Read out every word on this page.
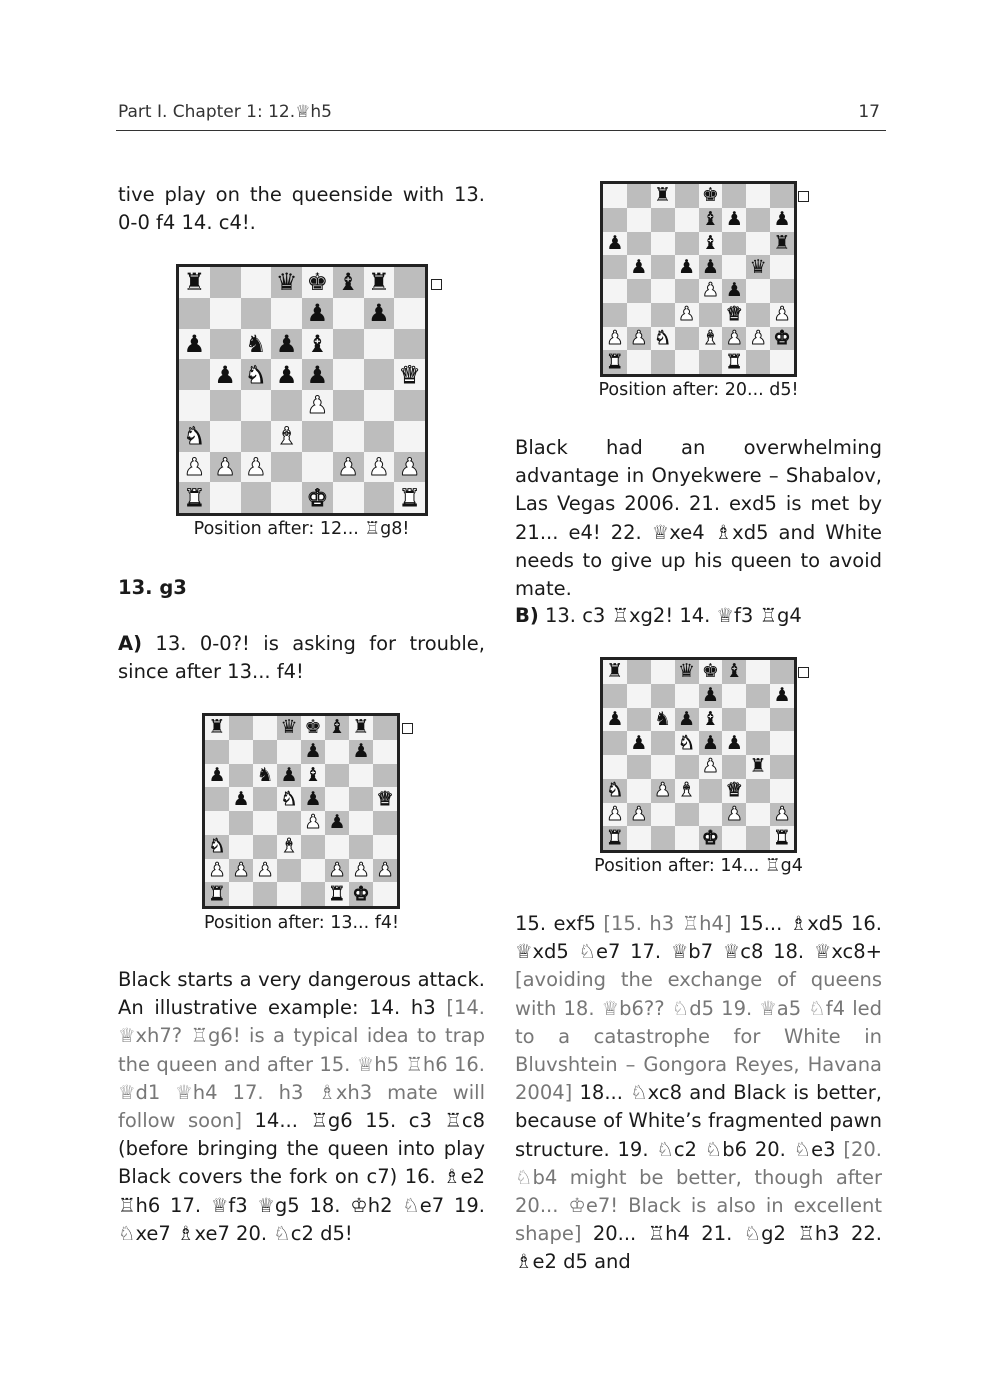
Part I. Chapter 1: 12.♕h5	17
tive play on the queenside with 13. 0-0 f4 14. c4!.
♜	♛ ♚ ♝ ♜
♟ ♟
♟ ♞ ♟ ♝
♟ ♞ ♟ ♟	♛
♟
♞	♝
♟ ♟ ♟	♟ ♟ ♟
♜	♚	♜
Position after: 12... ♖g8!
13. g3
A) 13. 0-0?! is asking for trouble, since after 13... f4!
♜	♛ ♚ ♝ ♜
♟ ♟
♟ ♞ ♟ ♝
♟ ♞ ♟	♛
♟ ♟
♞	♝
♟ ♟ ♟	♟ ♟ ♟
♜	♜ ♚
Position after: 13... f4!
Black starts a very dangerous attack. An illustrative example: 14. h3 [14. ♕xh7? ♖g6! is a typical idea to trap the queen and after 15. ♕h5 ♖h6 16. ♕d1 ♕h4 17. h3 ♗xh3 mate will follow soon] 14... ♖g6 15. c3 ♖c8 (before bringing the queen into play Black covers the fork on c7) 16. ♗e2 ♖h6 17. ♕f3 ♕g5 18. ♔h2 ♘e7 19. ♘xe7 ♗xe7 20. ♘c2 d5!
♜ ♚
♝ ♟ ♟
♟	♝	♜
♟ ♟ ♟ ♛
♟ ♟
♟ ♛ ♟
♟ ♟ ♞ ♝ ♟ ♟ ♚
♜	♜
Position after: 20... d5!
Black had an overwhelming advantage in Onyekwere – Shabalov, Las Vegas 2006. 21. exd5 is met by 21... e4! 22. ♕xe4 ♗xd5 and White needs to give up his queen to avoid mate.
B) 13. c3 ♖xg2! 14. ♕f3 ♖g4
♜	♛ ♚ ♝
♟	♟
♟ ♞ ♟ ♝
♟ ♞ ♟ ♟
♟ ♜
♞ ♟ ♝ ♛
♟ ♟	♟ ♟
♜	♚	♜
Position after: 14... ♖g4
15. exf5 [15. h3 ♖h4] 15... ♗xd5 16. ♕xd5 ♘e7 17. ♕b7 ♕c8 18. ♕xc8+ [avoiding the exchange of queens with 18. ♕b6?? ♘d5 19. ♕a5 ♘f4 led to a catastrophe for White in Bluvshtein – Gongora Reyes, Havana 2004] 18... ♘xc8 and Black is better, because of White’s fragmented pawn structure. 19. ♘c2 ♘b6 20. ♘e3 [20. ♘b4 might be better, though after 20... ♔e7! Black is also in excellent shape] 20... ♖h4 21. ♘g2 ♖h3 22. ♗e2 d5 and
